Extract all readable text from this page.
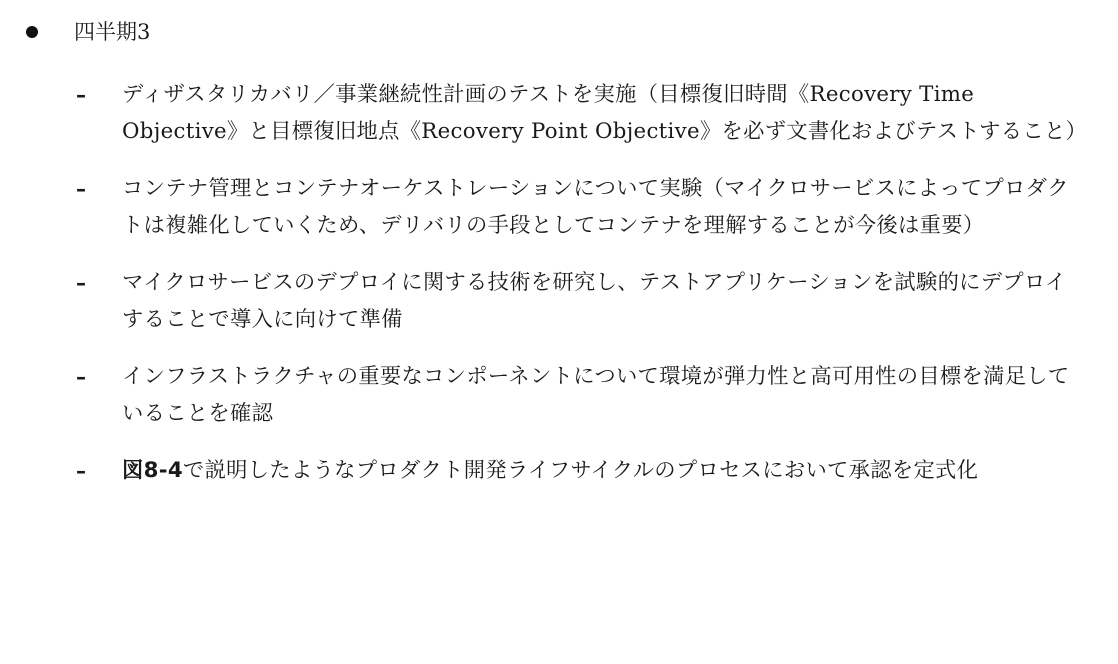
四半期3
– ディザスタリカバリ／事業継続性計画のテストを実施（目標復旧時間《Recovery Time Objective》と目標復旧地点《Recovery Point Objective》を必ず文書化およびテストすること）
– コンテナ管理とコンテナオーケストレーションについて実験（マイクロサービスによってプロダクトは複雑化していくため、デリバリの手段としてコンテナを理解することが今後は重要）
– マイクロサービスのデプロイに関する技術を研究し、テストアプリケーションを試験的にデプロイすることで導入に向けて準備
– インフラストラクチャの重要なコンポーネントについて環境が弾力性と高可用性の目標を満足していることを確認
– 図8-4で説明したようなプロダクト開発ライフサイクルのプロセスにおいて承認を定式化
